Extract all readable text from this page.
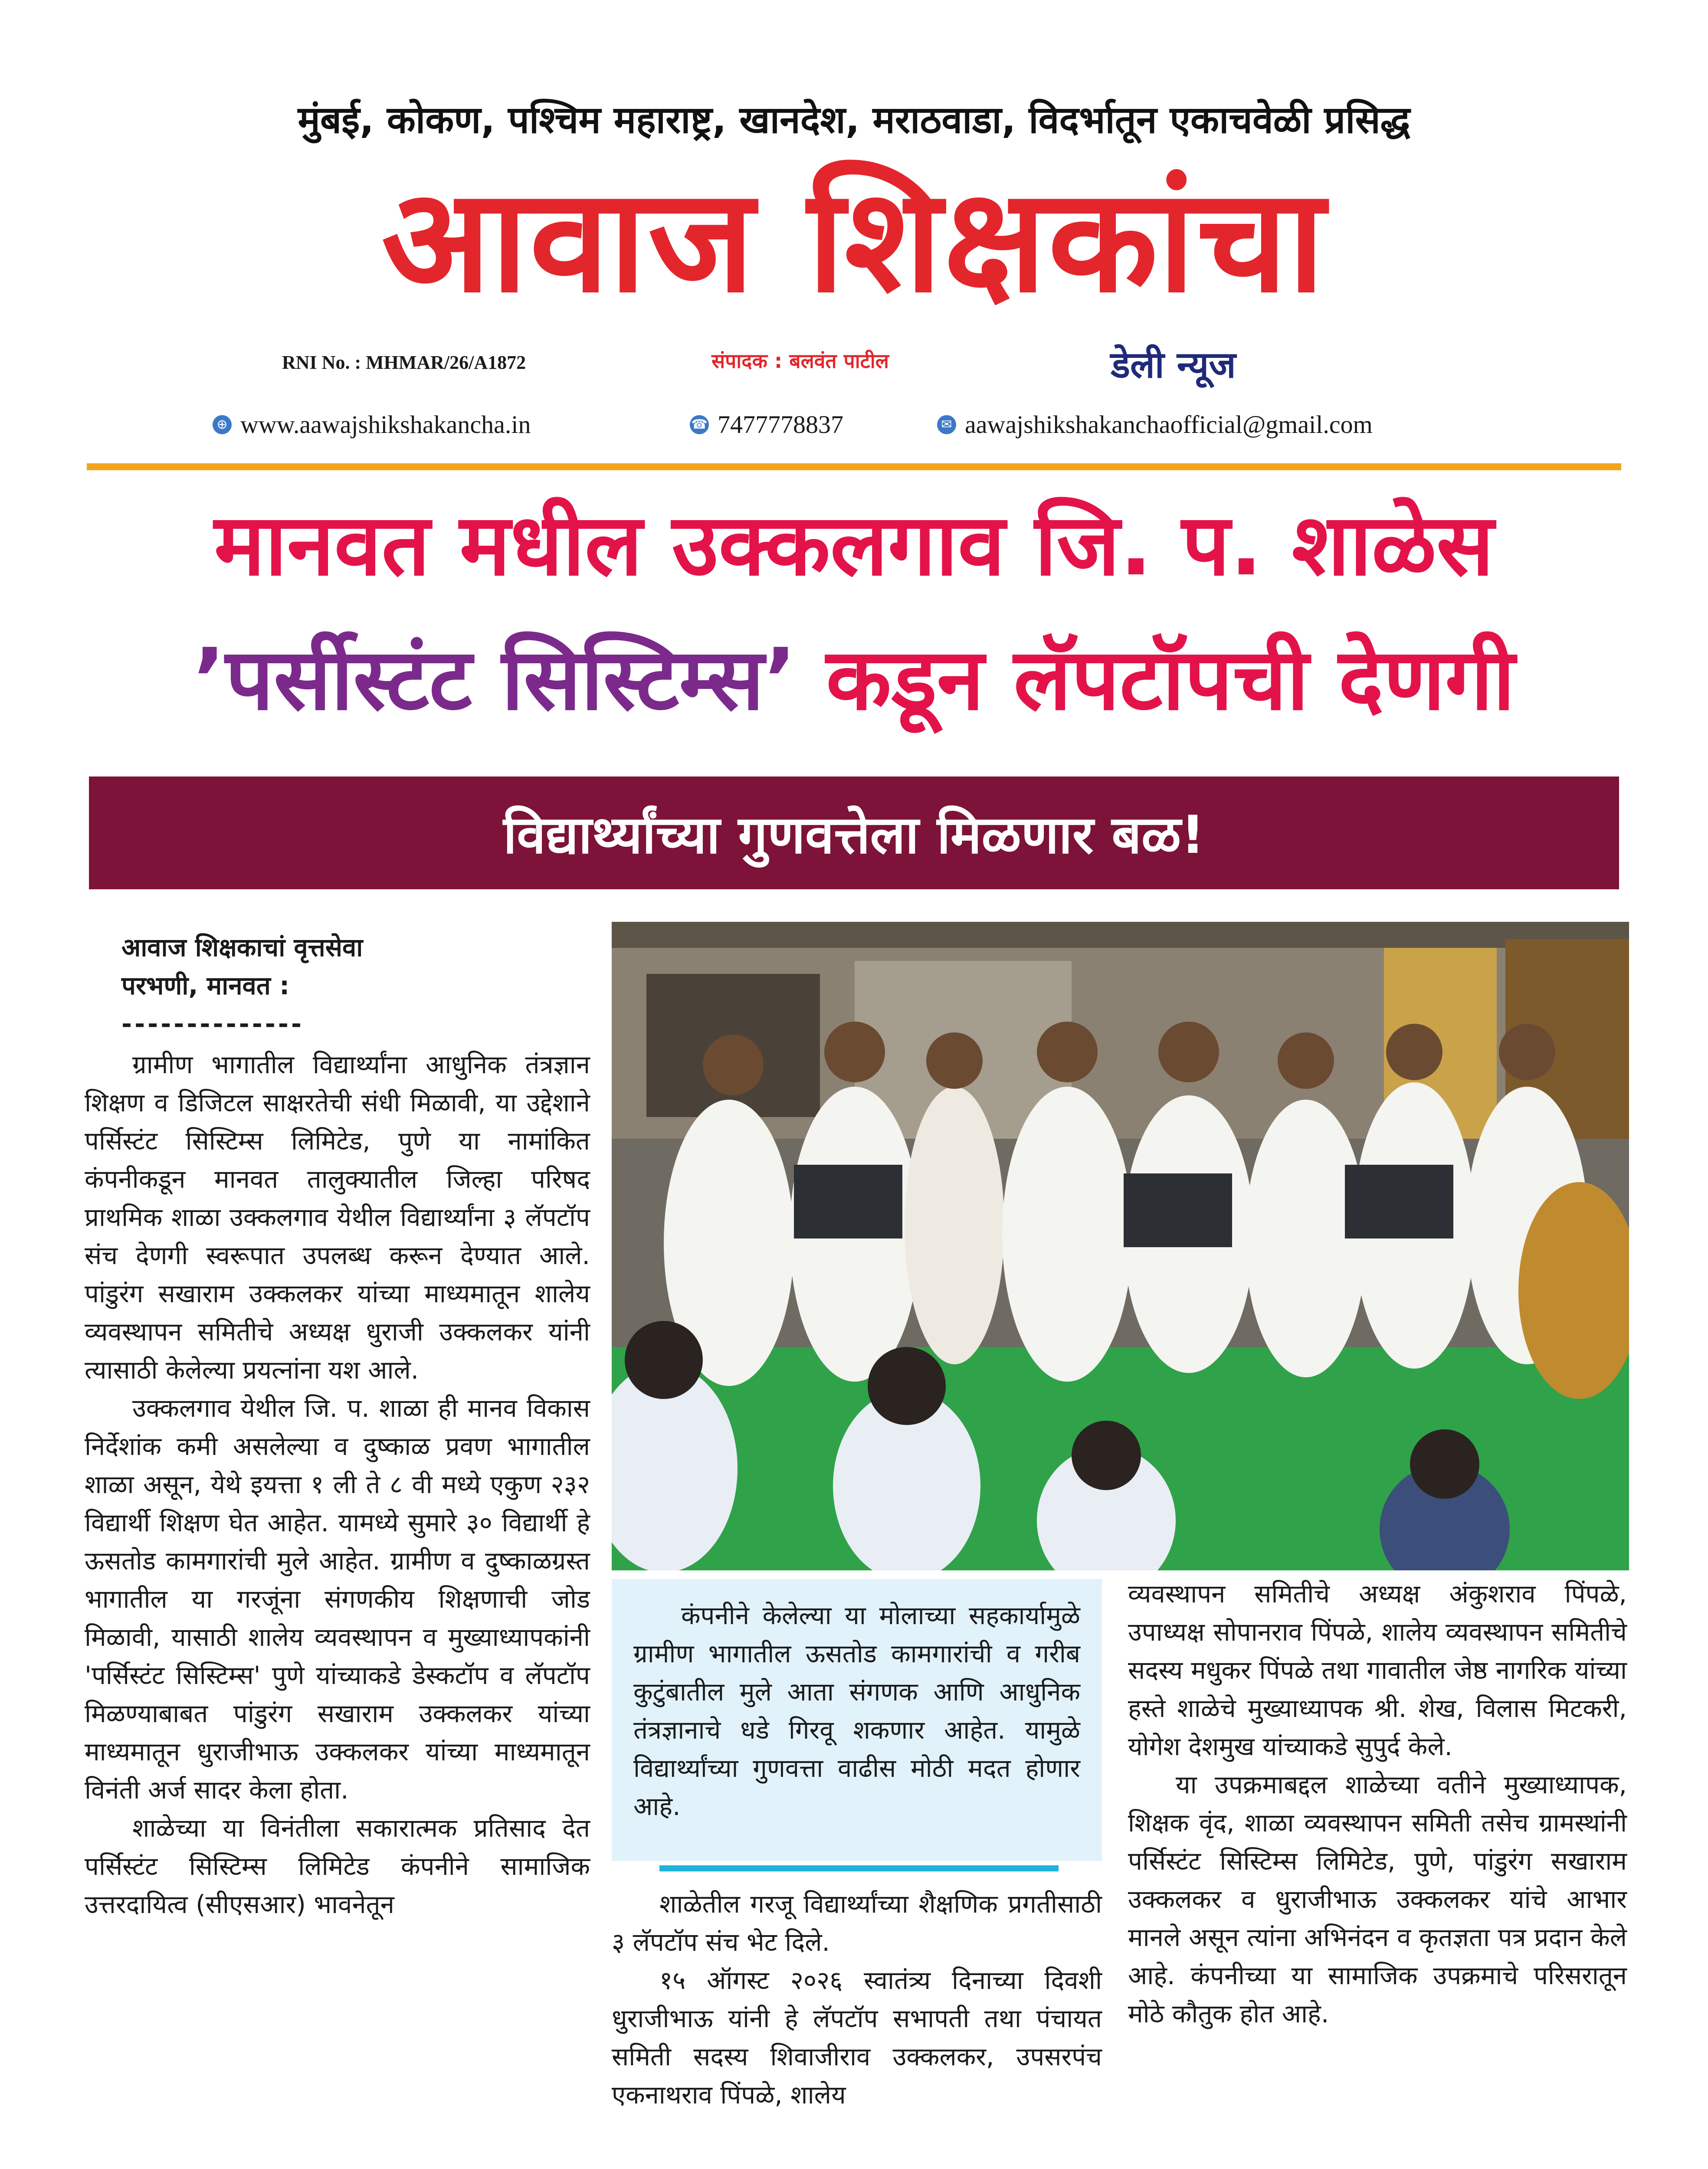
मुंबई, कोकण, पश्चिम महाराष्ट्र, खानदेश, मराठवाडा, विदर्भातून एकाचवेळी प्रसिद्ध
आवाज शिक्षकांचा
RNI No. : MHMAR/26/A1872	संपादक : बलवंत पाटील	डेली न्यूज
⊕ www.aawajshikshakancha.in	☎ 7477778837	✉ aawajshikshakanchaofficial@gmail.com
मानवत मधील उक्कलगाव जि. प. शाळेस
’पर्सीस्टंट सिस्टिम्स’ कडून लॅपटॉपची देणगी
विद्यार्थ्यांच्या गुणवत्तेला मिळणार बळ!
आवाज शिक्षकाचां वृत्तसेवा
परभणी, मानवत :
--------------

ग्रामीण भागातील विद्यार्थ्यांना आधुनिक तंत्रज्ञान शिक्षण व डिजिटल साक्षरतेची संधी मिळावी, या उद्देशाने पर्सिस्टंट सिस्टिम्स लिमिटेड, पुणे या नामांकित कंपनीकडून मानवत तालुक्यातील जिल्हा परिषद प्राथमिक शाळा उक्कलगाव येथील विद्यार्थ्यांना ३ लॅपटॉप संच देणगी स्वरूपात उपलब्ध करून देण्यात आले. पांडुरंग सखाराम उक्कलकर यांच्या माध्यमातून शालेय व्यवस्थापन समितीचे अध्यक्ष धुराजी उक्कलकर यांनी त्यासाठी केलेल्या प्रयत्नांना यश आले.

उक्कलगाव येथील जि. प. शाळा ही मानव विकास निर्देशांक कमी असलेल्या व दुष्काळ प्रवण भागातील शाळा असून, येथे इयत्ता १ ली ते ८ वी मध्ये एकुण २३२ विद्यार्थी शिक्षण घेत आहेत. यामध्ये सुमारे ३० विद्यार्थी हे ऊसतोड कामगारांची मुले आहेत. ग्रामीण व दुष्काळग्रस्त भागातील या गरजूंना संगणकीय शिक्षणाची जोड मिळावी, यासाठी शालेय व्यवस्थापन व मुख्याध्यापकांनी 'पर्सिस्टंट सिस्टिम्स' पुणे यांच्याकडे डेस्कटॉप व लॅपटॉप मिळण्याबाबत पांडुरंग सखाराम उक्कलकर यांच्या माध्यमातून धुराजीभाऊ उक्कलकर यांच्या माध्यमातून विनंती अर्ज सादर केला होता.

शाळेच्या या विनंतीला सकारात्मक प्रतिसाद देत पर्सिस्टंट सिस्टिम्स लिमिटेड कंपनीने सामाजिक उत्तरदायित्व (सीएसआर) भावनेतून

कंपनीने केलेल्या या मोलाच्या सहकार्यामुळे ग्रामीण भागातील ऊसतोड कामगारांची व गरीब कुटुंबातील मुले आता संगणक आणि आधुनिक तंत्रज्ञानाचे धडे गिरवू शकणार आहेत. यामुळे विद्यार्थ्यांच्या गुणवत्ता वाढीस मोठी मदत होणार आहे.

शाळेतील गरजू विद्यार्थ्यांच्या शैक्षणिक प्रगतीसाठी ३ लॅपटॉप संच भेट दिले.

१५ ऑगस्ट २०२६ स्वातंत्र्य दिनाच्या दिवशी धुराजीभाऊ यांनी हे लॅपटॉप सभापती तथा पंचायत समिती सदस्य शिवाजीराव उक्कलकर, उपसरपंच एकनाथराव पिंपळे, शालेय

व्यवस्थापन समितीचे अध्यक्ष अंकुशराव पिंपळे, उपाध्यक्ष सोपानराव पिंपळे, शालेय व्यवस्थापन समितीचे सदस्य मधुकर पिंपळे तथा गावातील जेष्ठ नागरिक यांच्या हस्ते शाळेचे मुख्याध्यापक श्री. शेख, विलास मिटकरी, योगेश देशमुख यांच्याकडे सुपुर्द केले.

या उपक्रमाबद्दल शाळेच्या वतीने मुख्याध्यापक, शिक्षक वृंद, शाळा व्यवस्थापन समिती तसेच ग्रामस्थांनी पर्सिस्टंट सिस्टिम्स लिमिटेड, पुणे, पांडुरंग सखाराम उक्कलकर व धुराजीभाऊ उक्कलकर यांचे आभार मानले असून त्यांना अभिनंदन व कृतज्ञता पत्र प्रदान केले आहे. कंपनीच्या या सामाजिक उपक्रमाचे परिसरातून मोठे कौतुक होत आहे.
